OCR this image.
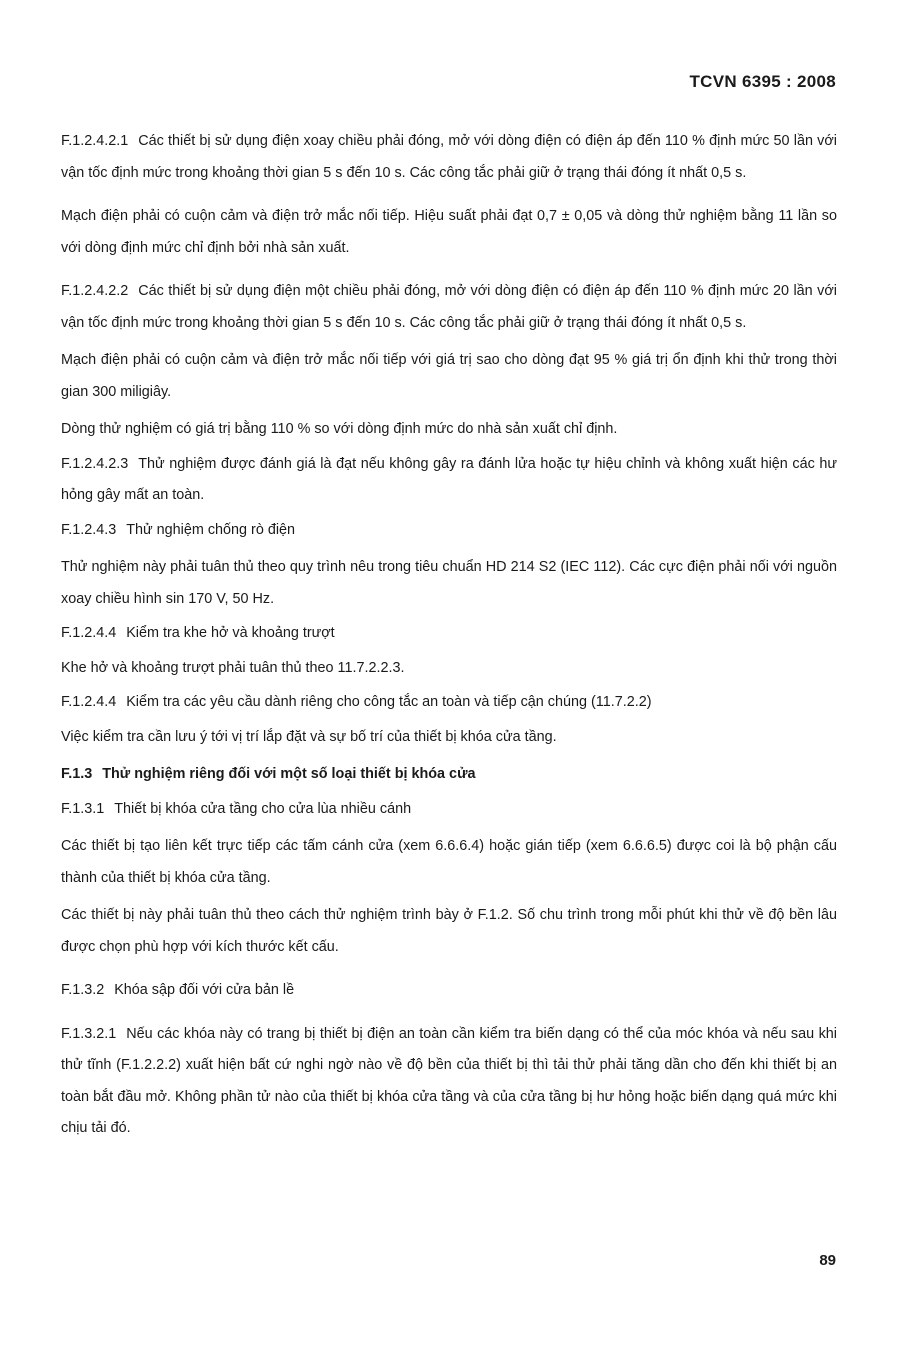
TCVN 6395 : 2008

F.1.2.4.2.1 Các thiết bị sử dụng điện xoay chiều phải đóng, mở với dòng điện có điện áp đến 110 % định mức 50 lần với vận tốc định mức trong khoảng thời gian 5 s đến 10 s. Các công tắc phải giữ ở trạng thái đóng ít nhất 0,5 s.

Mạch điện phải có cuộn cảm và điện trở mắc nối tiếp. Hiệu suất phải đạt 0,7 ± 0,05 và dòng thử nghiệm bằng 11 lần so với dòng định mức chỉ định bởi nhà sản xuất.

F.1.2.4.2.2 Các thiết bị sử dụng điện một chiều phải đóng, mở với dòng điện có điện áp đến 110 % định mức 20 lần với vận tốc định mức trong khoảng thời gian 5 s đến 10 s. Các công tắc phải giữ ở trạng thái đóng ít nhất 0,5 s.

Mạch điện phải có cuộn cảm và điện trở mắc nối tiếp với giá trị sao cho dòng đạt 95 % giá trị ổn định khi thử trong thời gian 300 miligiây.

Dòng thử nghiệm có giá trị bằng 110 % so với dòng định mức do nhà sản xuất chỉ định.

F.1.2.4.2.3 Thử nghiệm được đánh giá là đạt nếu không gây ra đánh lửa hoặc tự hiệu chỉnh và không xuất hiện các hư hỏng gây mất an toàn.

F.1.2.4.3 Thử nghiệm chống rò điện

Thử nghiệm này phải tuân thủ theo quy trình nêu trong tiêu chuẩn HD 214 S2 (IEC 112). Các cực điện phải nối với nguồn xoay chiều hình sin 170 V, 50 Hz.

F.1.2.4.4 Kiểm tra khe hở và khoảng trượt

Khe hở và khoảng trượt phải tuân thủ theo 11.7.2.2.3.

F.1.2.4.4 Kiểm tra các yêu cầu dành riêng cho công tắc an toàn và tiếp cận chúng (11.7.2.2)

Việc kiểm tra cần lưu ý tới vị trí lắp đặt và sự bố trí của thiết bị khóa cửa tầng.

F.1.3 Thử nghiệm riêng đối với một số loại thiết bị khóa cửa

F.1.3.1 Thiết bị khóa cửa tầng cho cửa lùa nhiều cánh

Các thiết bị tạo liên kết trực tiếp các tấm cánh cửa (xem 6.6.6.4) hoặc gián tiếp (xem 6.6.6.5) được coi là bộ phận cấu thành của thiết bị khóa cửa tầng.

Các thiết bị này phải tuân thủ theo cách thử nghiệm trình bày ở F.1.2. Số chu trình trong mỗi phút khi thử về độ bền lâu được chọn phù hợp với kích thước kết cấu.

F.1.3.2 Khóa sập đối với cửa bản lề

F.1.3.2.1 Nếu các khóa này có trang bị thiết bị điện an toàn cần kiểm tra biến dạng có thể của móc khóa và nếu sau khi thử tĩnh (F.1.2.2.2) xuất hiện bất cứ nghi ngờ nào về độ bền của thiết bị thì tải thử phải tăng dần cho đến khi thiết bị an toàn bắt đầu mở. Không phần tử nào của thiết bị khóa cửa tầng và của cửa tầng bị hư hỏng hoặc biến dạng quá mức khi chịu tải đó.

89
